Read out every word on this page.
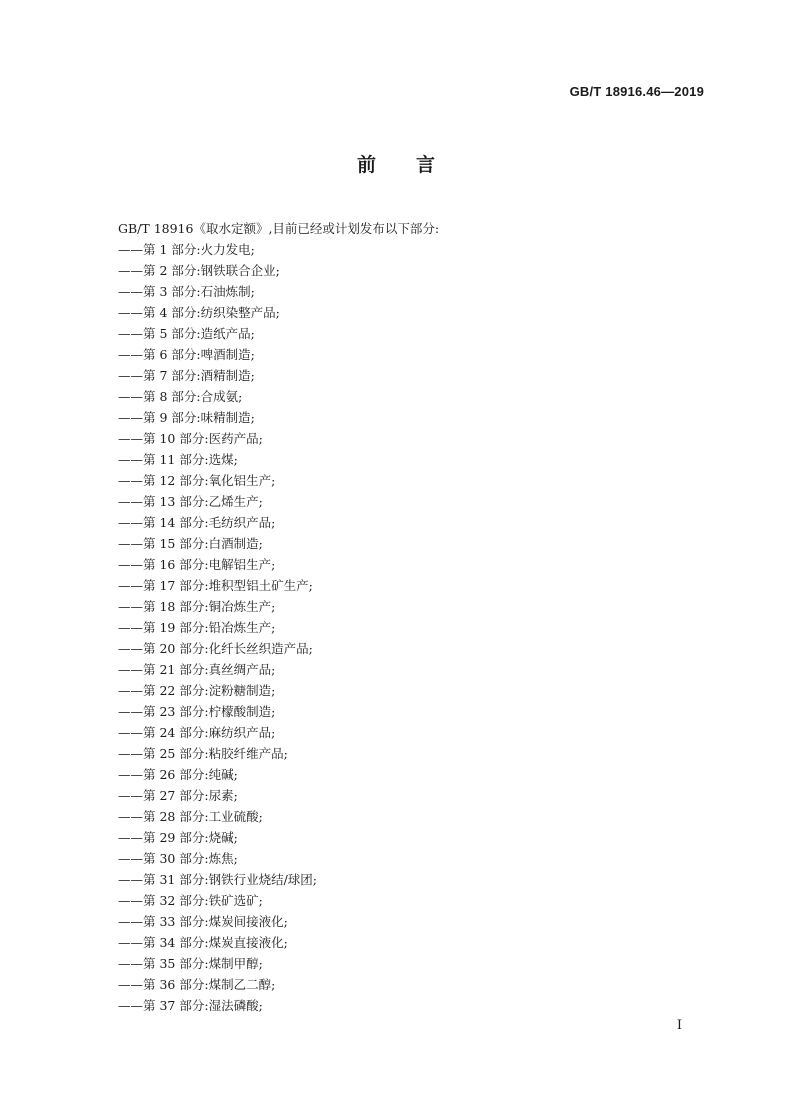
GB/T 18916.46—2019
前言
GB/T 18916《取水定额》,目前已经或计划发布以下部分:
——第 1 部分:火力发电;
——第 2 部分:钢铁联合企业;
——第 3 部分:石油炼制;
——第 4 部分:纺织染整产品;
——第 5 部分:造纸产品;
——第 6 部分:啤酒制造;
——第 7 部分:酒精制造;
——第 8 部分:合成氨;
——第 9 部分:味精制造;
——第 10 部分:医药产品;
——第 11 部分:选煤;
——第 12 部分:氧化铝生产;
——第 13 部分:乙烯生产;
——第 14 部分:毛纺织产品;
——第 15 部分:白酒制造;
——第 16 部分:电解铝生产;
——第 17 部分:堆积型铝土矿生产;
——第 18 部分:铜冶炼生产;
——第 19 部分:铅冶炼生产;
——第 20 部分:化纤长丝织造产品;
——第 21 部分:真丝绸产品;
——第 22 部分:淀粉糖制造;
——第 23 部分:柠檬酸制造;
——第 24 部分:麻纺织产品;
——第 25 部分:粘胶纤维产品;
——第 26 部分:纯碱;
——第 27 部分:尿素;
——第 28 部分:工业硫酸;
——第 29 部分:烧碱;
——第 30 部分:炼焦;
——第 31 部分:钢铁行业烧结/球团;
——第 32 部分:铁矿选矿;
——第 33 部分:煤炭间接液化;
——第 34 部分:煤炭直接液化;
——第 35 部分:煤制甲醇;
——第 36 部分:煤制乙二醇;
——第 37 部分:湿法磷酸;
I
